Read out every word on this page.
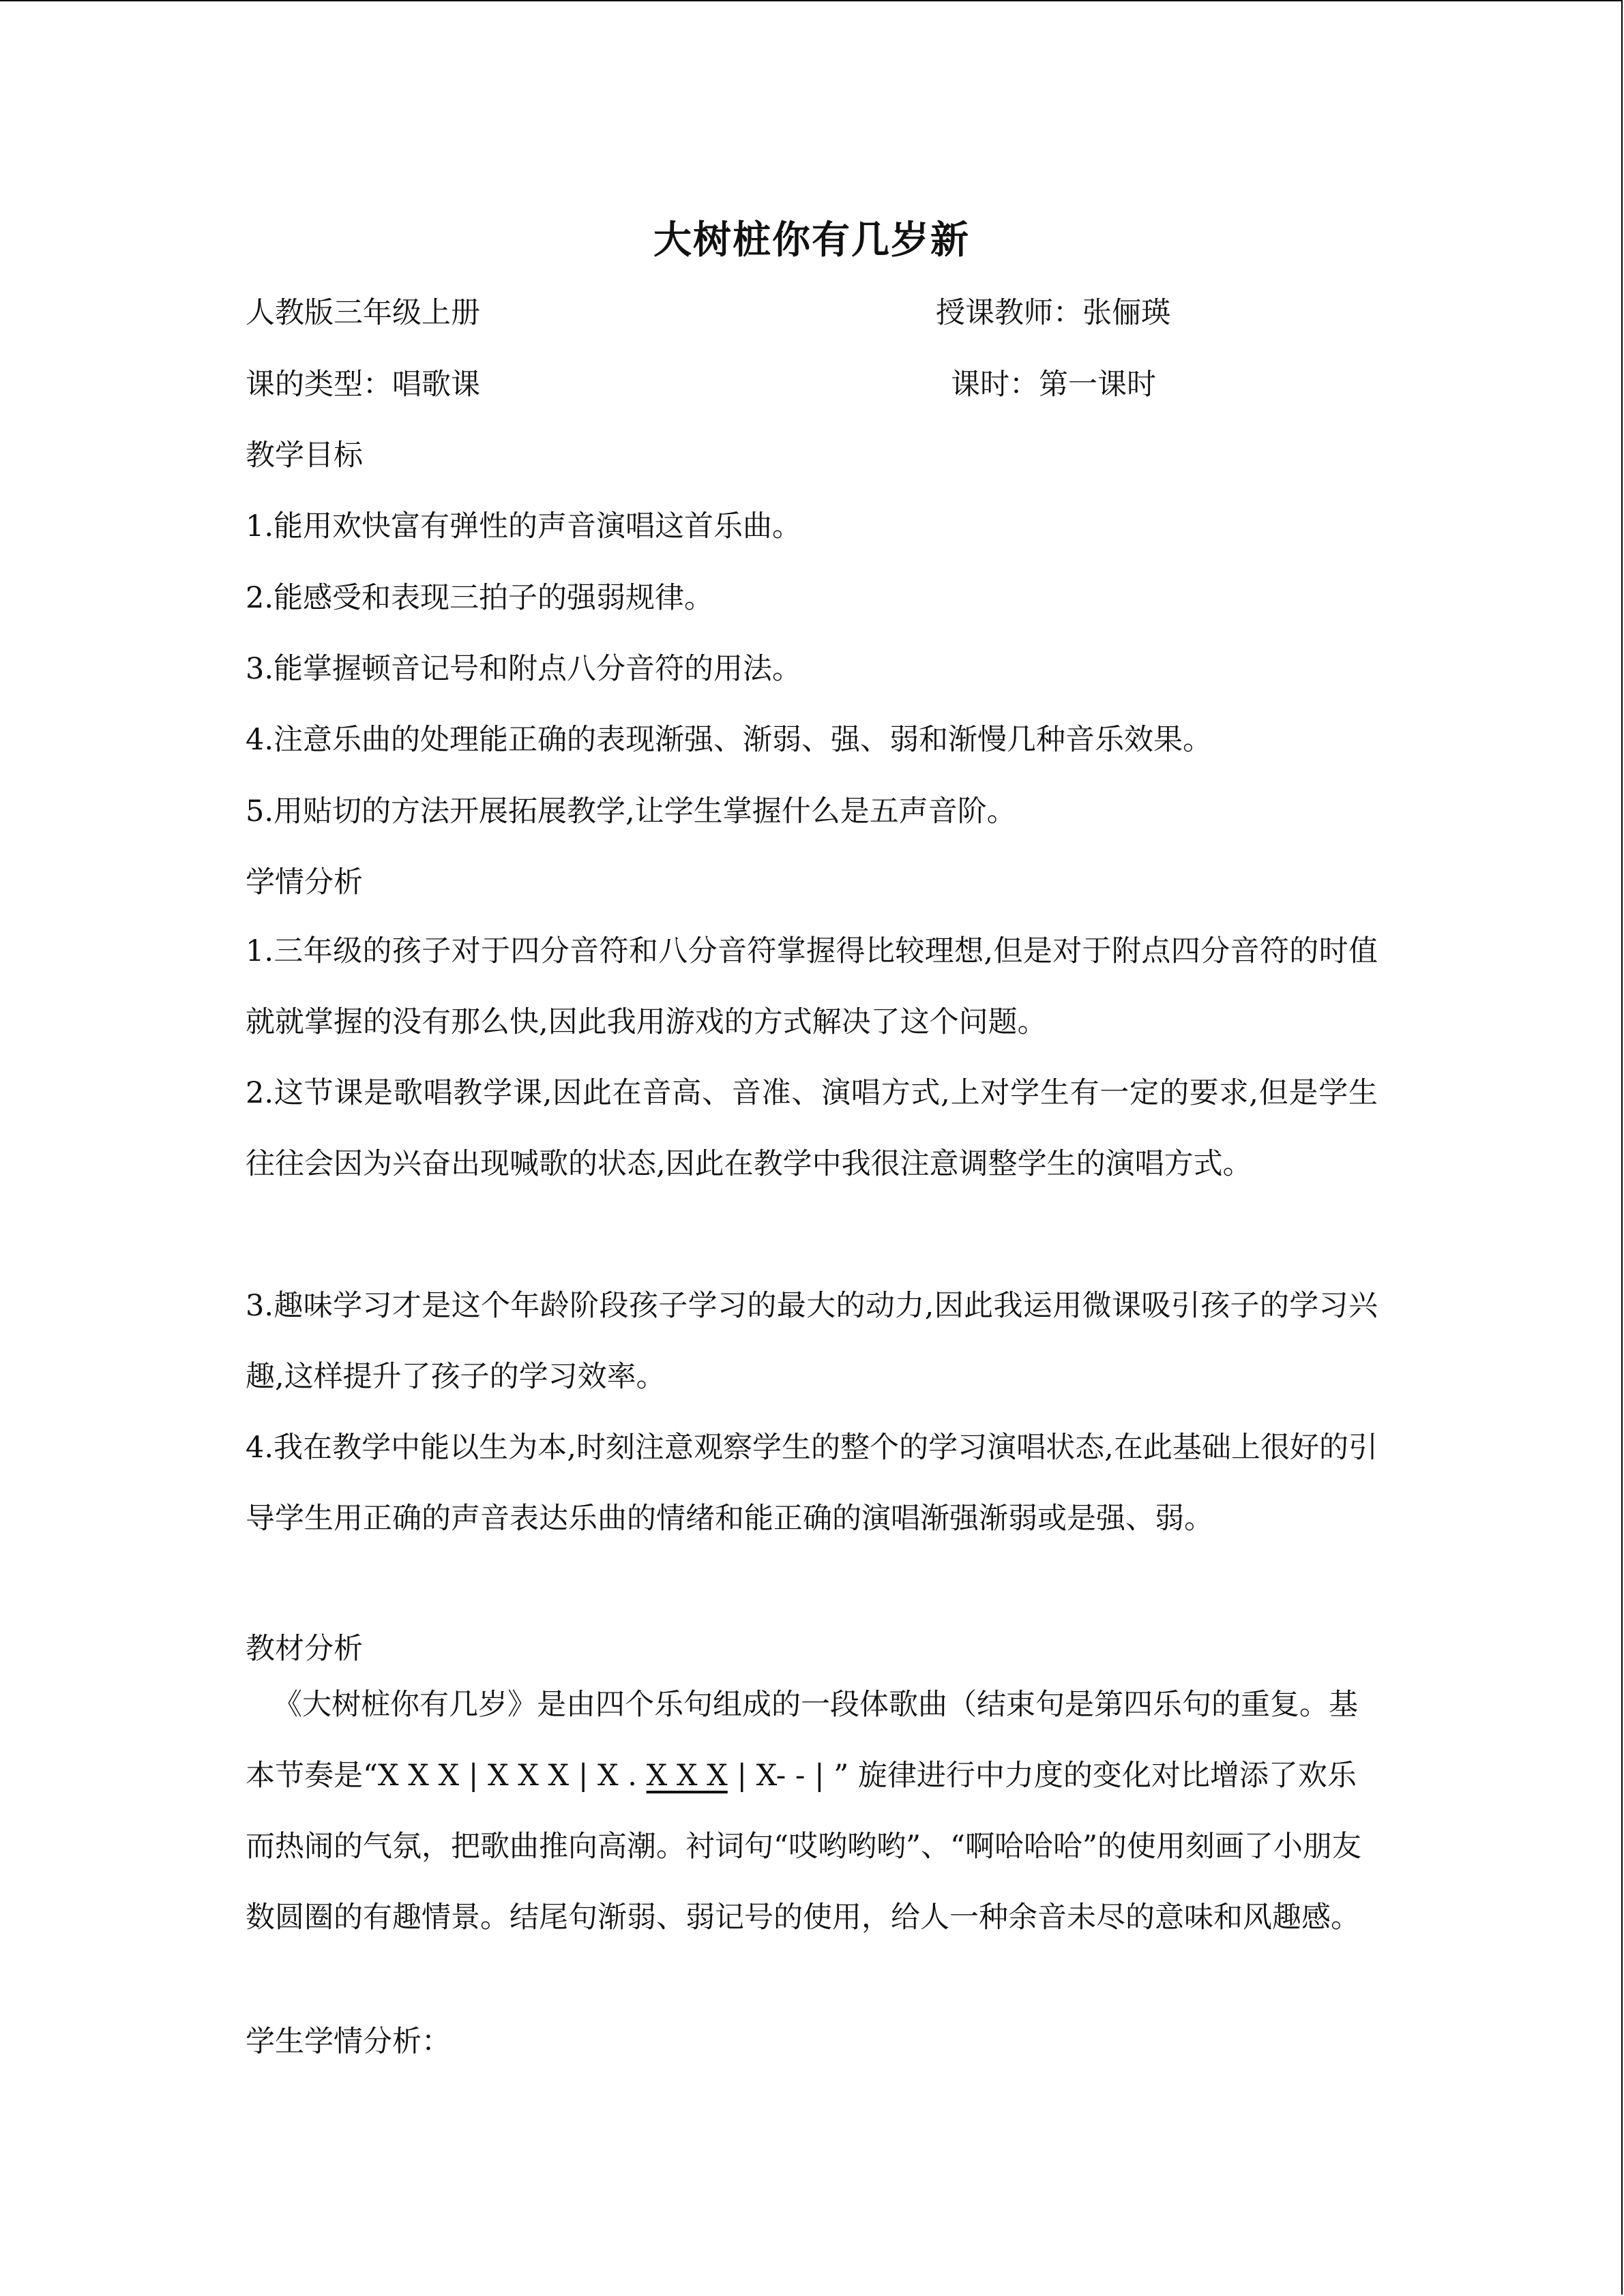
大树桩你有几岁新
人教版三年级上册	授课教师：张俪瑛
课的类型：唱歌课	课时：第一课时
教学目标
1.能用欢快富有弹性的声音演唱这首乐曲。
2.能感受和表现三拍子的强弱规律。
3.能掌握顿音记号和附点八分音符的用法。
4.注意乐曲的处理能正确的表现渐强、渐弱、强、弱和渐慢几种音乐效果。
5.用贴切的方法开展拓展教学,让学生掌握什么是五声音阶。
学情分析
1.三年级的孩子对于四分音符和八分音符掌握得比较理想,但是对于附点四分音符的时值就就掌握的没有那么快,因此我用游戏的方式解决了这个问题。
2.这节课是歌唱教学课,因此在音高、音准、演唱方式,上对学生有一定的要求,但是学生往往会因为兴奋出现喊歌的状态,因此在教学中我很注意调整学生的演唱方式。
3.趣味学习才是这个年龄阶段孩子学习的最大的动力,因此我运用微课吸引孩子的学习兴趣,这样提升了孩子的学习效率。
4.我在教学中能以生为本,时刻注意观察学生的整个的学习演唱状态,在此基础上很好的引导学生用正确的声音表达乐曲的情绪和能正确的演唱渐强渐弱或是强、弱。
教材分析
《大树桩你有几岁》是由四个乐句组成的一段体歌曲（结束句是第四乐句的重复。基本节奏是“X X X | X X X | X . X X X | X- - | ” 旋律进行中力度的变化对比增添了欢乐而热闹的气氛，把歌曲推向高潮。衬词句“哎哟哟哟”、“啊哈哈哈”的使用刻画了小朋友数圆圈的有趣情景。结尾句渐弱、弱记号的使用，给人一种余音未尽的意味和风趣感。
学生学情分析：
